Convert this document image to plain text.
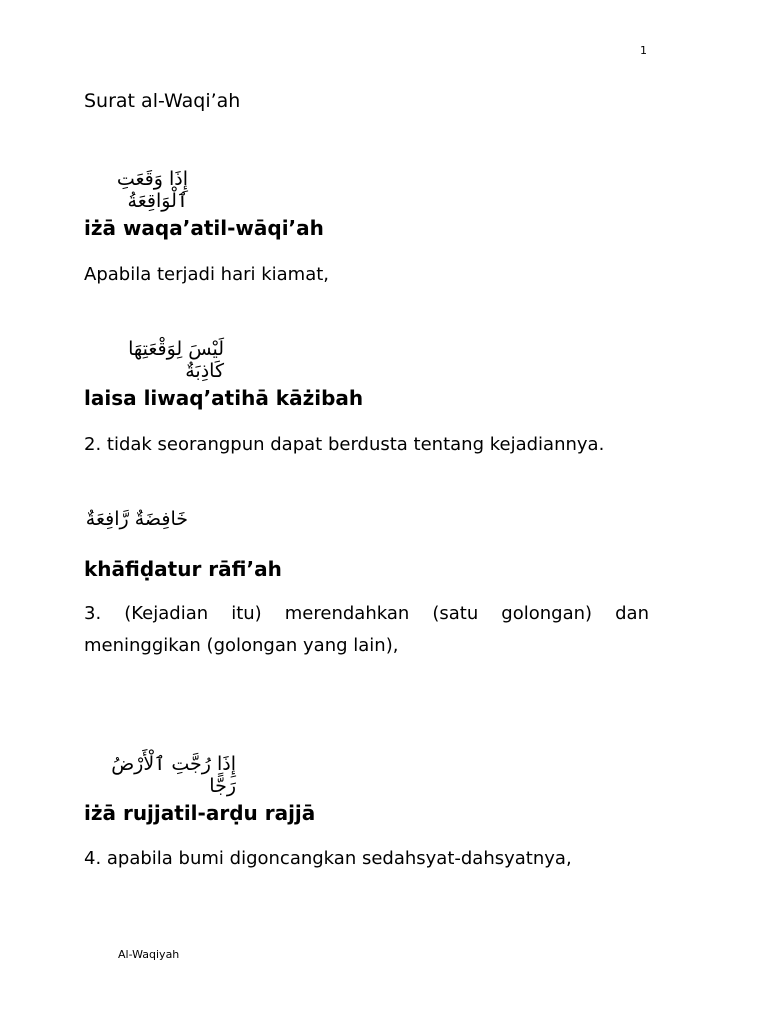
1
Surat al-Waqi’ah
إِذَا وَقَعَتِ ٱلْوَاقِعَةُ
iżā waqa’atil-wāqi’ah
Apabila terjadi hari kiamat,
لَيْسَ لِوَقْعَتِهَا كَاذِبَةٌ
laisa liwaq’atihā kāżibah
2. tidak seorangpun dapat berdusta tentang kejadiannya.
خَافِضَةٌ رَّافِعَةٌ
khāfiḍatur rāfi’ah
3. (Kejadian itu) merendahkan (satu golongan) dan meninggikan (golongan yang lain),
إِذَا رُجَّتِ ٱلْأَرْضُ رَجًّا
iżā rujjatil-arḍu rajjā
4. apabila bumi digoncangkan sedahsyat-dahsyatnya,
Al-Waqiyah
